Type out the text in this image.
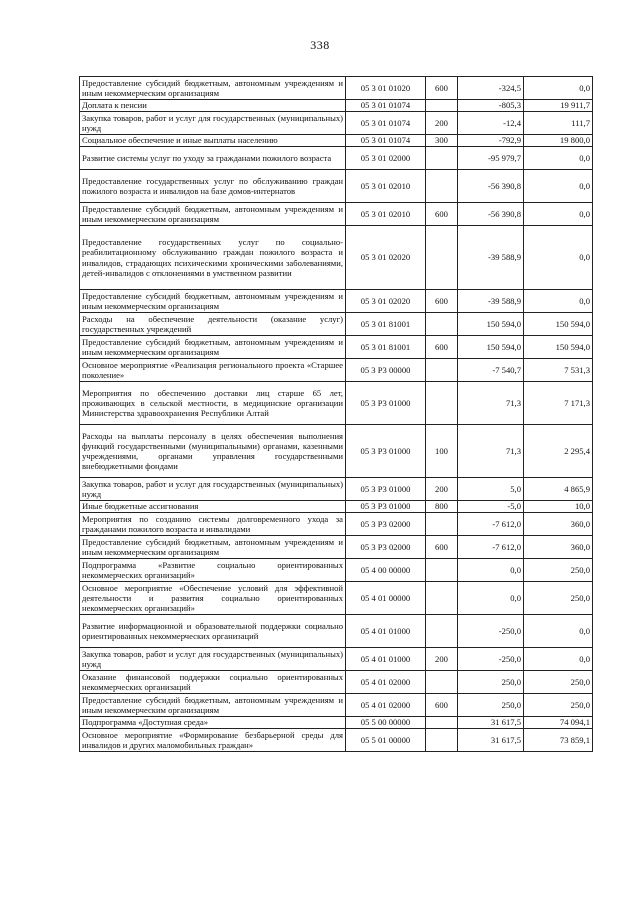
338
Предоставление субсидий бюджетным, автономным учреждениям и иным некоммерческим организациям	05 3 01 01020	600	-324,5	0,0
Доплата к пенсии	05 3 01 01074		-805,3	19 911,7
Закупка товаров, работ и услуг для государственных (муниципальных) нужд	05 3 01 01074	200	-12,4	111,7
Социальное обеспечение и иные выплаты населению	05 3 01 01074	300	-792,9	19 800,0
Развитие системы услуг по уходу за гражданами пожилого возраста	05 3 01 02000		-95 979,7	0,0
Предоставление государственных услуг по обслуживанию граждан пожилого возраста и инвалидов на базе домов-интернатов	05 3 01 02010		-56 390,8	0,0
Предоставление субсидий бюджетным, автономным учреждениям и иным некоммерческим организациям	05 3 01 02010	600	-56 390,8	0,0
Предоставление государственных услуг по социально-реабилитационному обслуживанию граждан пожилого возраста и инвалидов, страдающих психическими хроническими заболеваниями, детей-инвалидов с отклонениями в умственном развитии	05 3 01 02020		-39 588,9	0,0
Предоставление субсидий бюджетным, автономным учреждениям и иным некоммерческим организациям	05 3 01 02020	600	-39 588,9	0,0
Расходы на обеспечение деятельности (оказание услуг) государственных учреждений	05 3 01 81001		150 594,0	150 594,0
Предоставление субсидий бюджетным, автономным учреждениям и иным некоммерческим организациям	05 3 01 81001	600	150 594,0	150 594,0
Основное мероприятие «Реализация регионального проекта «Старшее поколение»	05 3 P3 00000		-7 540,7	7 531,3
Мероприятия по обеспечению доставки лиц старше 65 лет, проживающих в сельской местности, в медицинские организации Министерства здравоохранения Республики Алтай	05 3 P3 01000		71,3	7 171,3
Расходы на выплаты персоналу в целях обеспечения выполнения функций государственными (муниципальными) органами, казенными учреждениями, органами управления государственными внебюджетными фондами	05 3 P3 01000	100	71,3	2 295,4
Закупка товаров, работ и услуг для государственных (муниципальных) нужд	05 3 P3 01000	200	5,0	4 865,9
Иные бюджетные ассигнования	05 3 P3 01000	800	-5,0	10,0
Мероприятия по созданию системы долговременного ухода за гражданами пожилого возраста и инвалидами	05 3 P3 02000		-7 612,0	360,0
Предоставление субсидий бюджетным, автономным учреждениям и иным некоммерческим организациям	05 3 P3 02000	600	-7 612,0	360,0
Подпрограмма «Развитие социально ориентированных некоммерческих организаций»	05 4 00 00000		0,0	250,0
Основное мероприятие «Обеспечение условий для эффективной деятельности и развития социально ориентированных некоммерческих организаций»	05 4 01 00000		0,0	250,0
Развитие информационной и образовательной поддержки социально ориентированных некоммерческих организаций	05 4 01 01000		-250,0	0,0
Закупка товаров, работ и услуг для государственных (муниципальных) нужд	05 4 01 01000	200	-250,0	0,0
Оказание финансовой поддержки социально ориентированных некоммерческих организаций	05 4 01 02000		250,0	250,0
Предоставление субсидий бюджетным, автономным учреждениям и иным некоммерческим организациям	05 4 01 02000	600	250,0	250,0
Подпрограмма «Доступная среда»	05 5 00 00000		31 617,5	74 094,1
Основное мероприятие «Формирование безбарьерной среды для инвалидов и других маломобильных граждан»	05 5 01 00000		31 617,5	73 859,1
